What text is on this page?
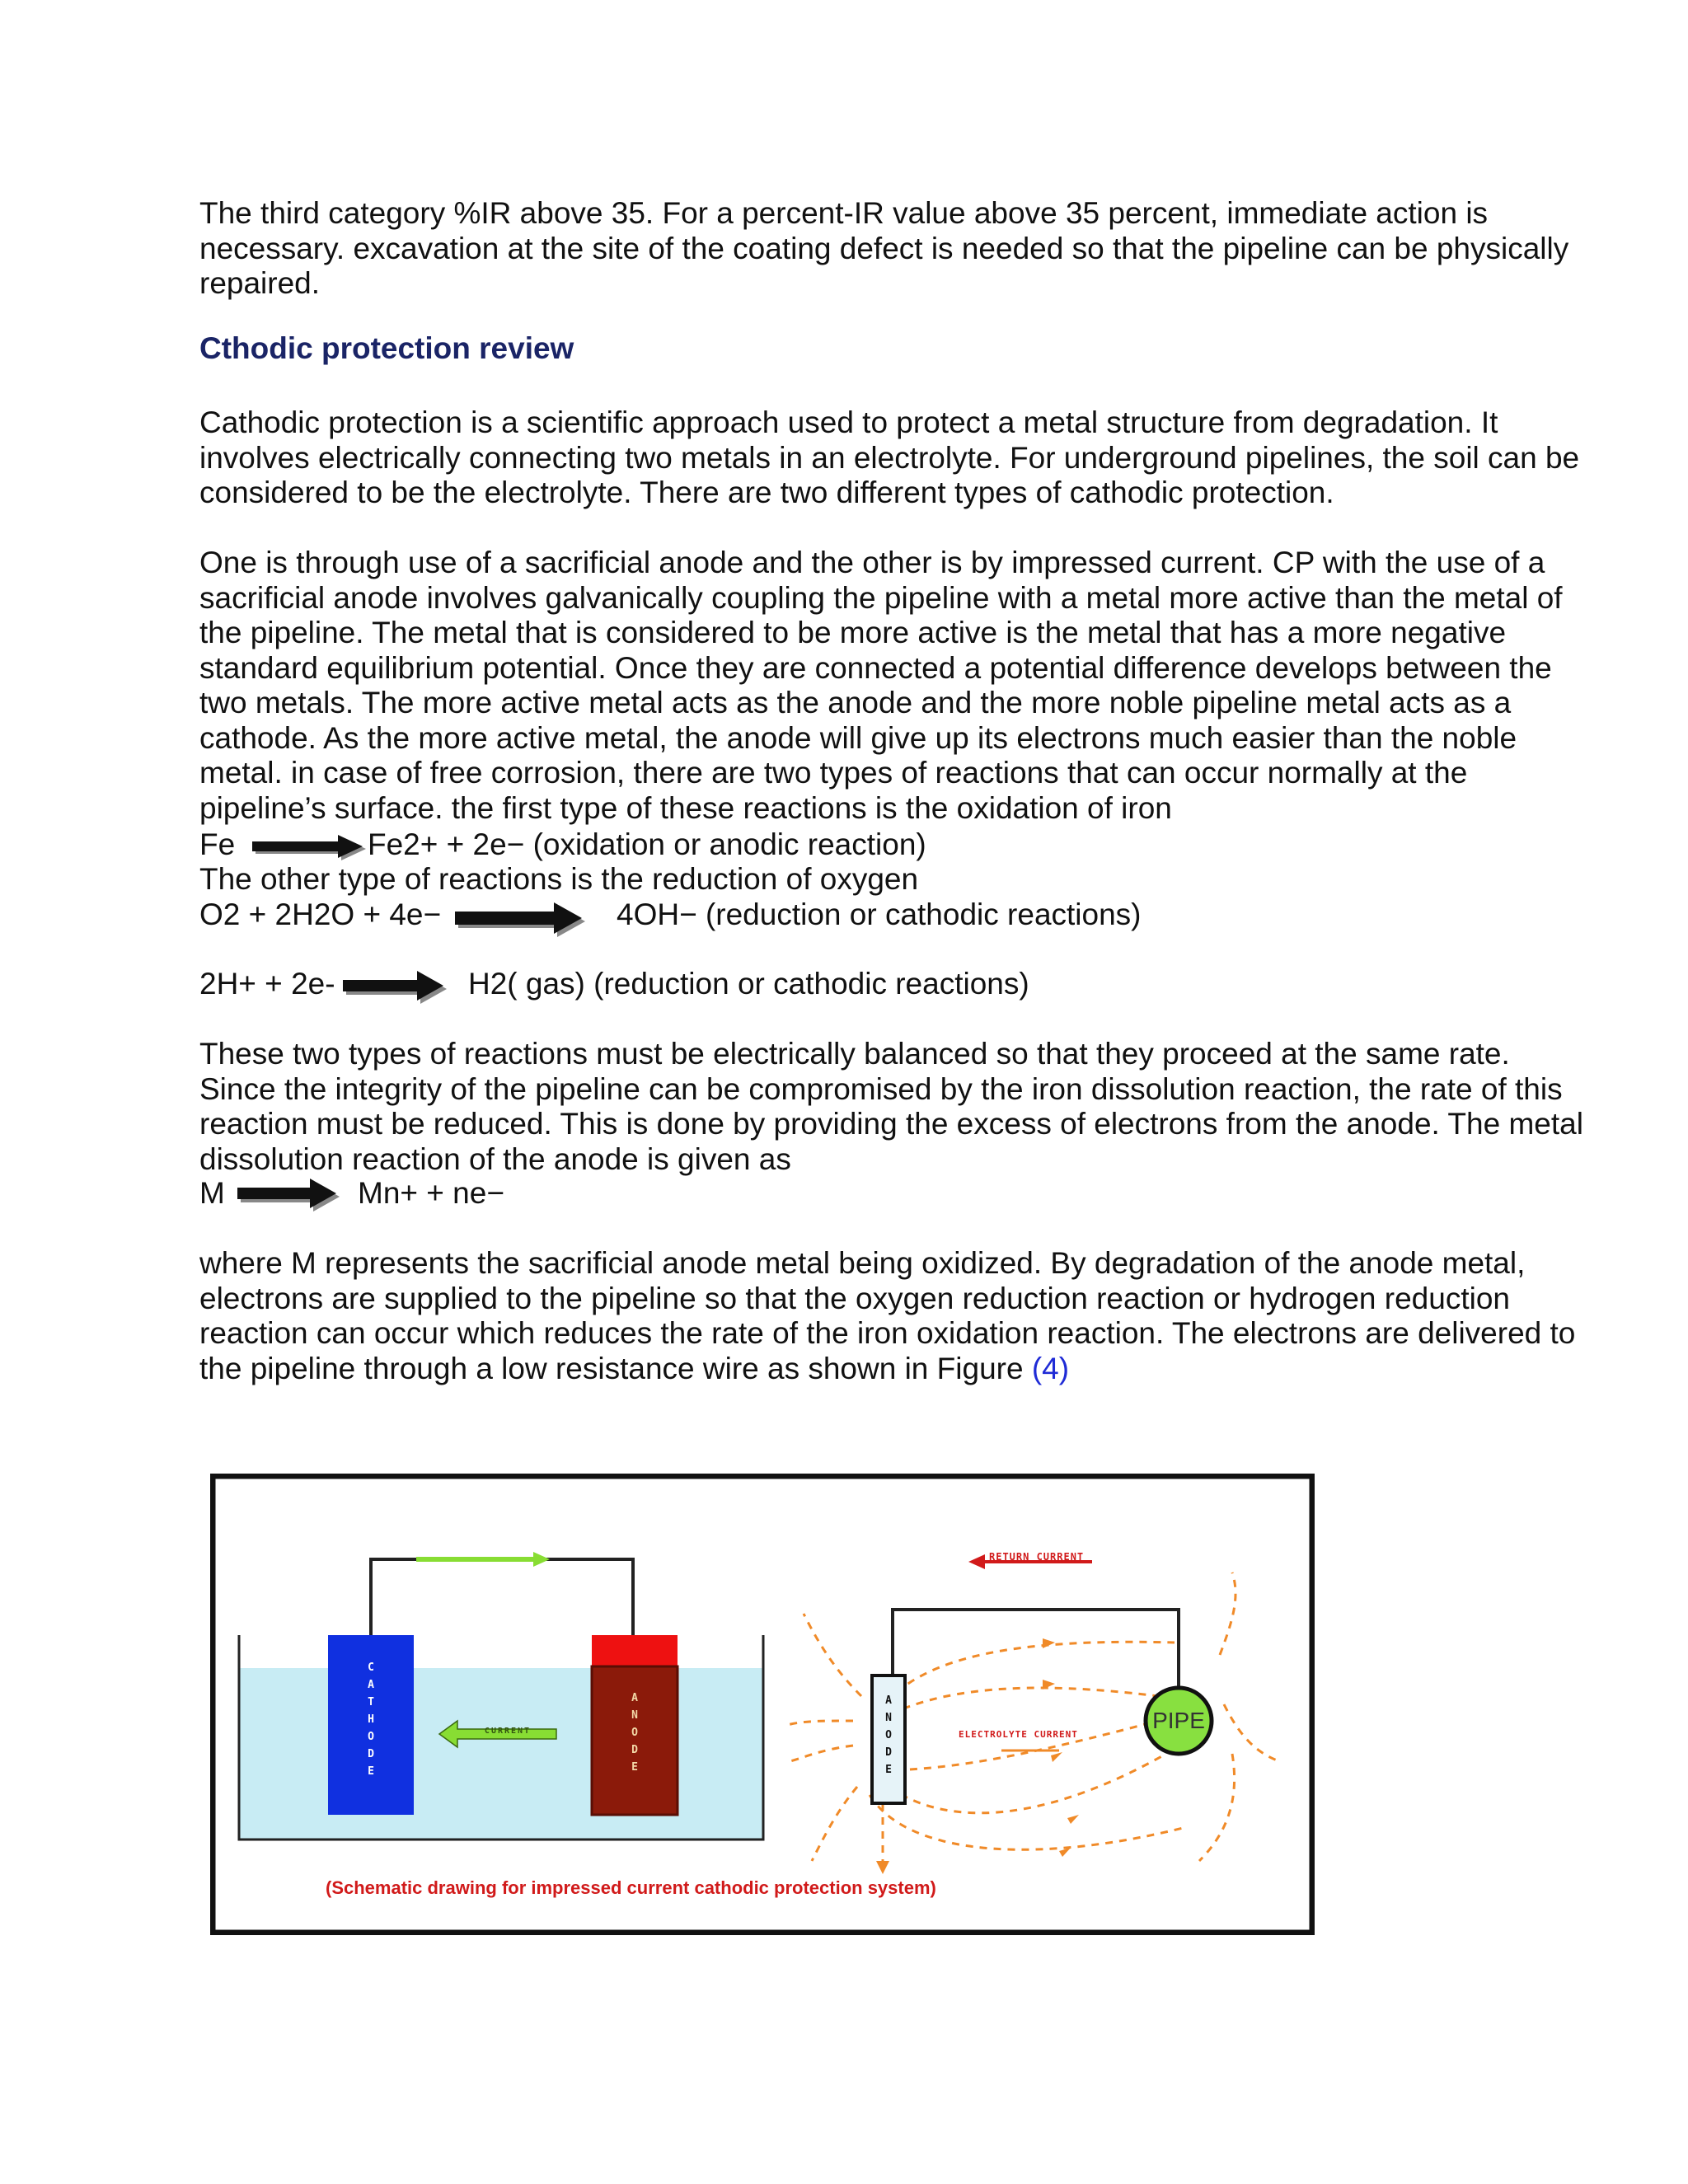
The third category %IR above 35. For a percent-IR value above 35 percent, immediate action is necessary. excavation at the site of the coating defect is needed so that the pipeline can be physically repaired.

Cthodic protection review

Cathodic protection is a scientific approach used to protect a metal structure from degradation. It involves electrically connecting two metals in an electrolyte. For underground pipelines, the soil can be considered to be the electrolyte. There are two different types of cathodic protection.

One is through use of a sacrificial anode and the other is by impressed current. CP with the use of a sacrificial anode involves galvanically coupling the pipeline with a metal more active than the metal of the pipeline. The metal that is considered to be more active is the metal that has a more negative standard equilibrium potential. Once they are connected a potential difference develops between the two metals. The more active metal acts as the anode and the more noble pipeline metal acts as a cathode. As the more active metal, the anode will give up its electrons much easier than the noble metal. in case of free corrosion, there are two types of reactions that can occur normally at the pipeline’s surface. the first type of these reactions is the oxidation of iron

Fe	Fe2+ + 2e− (oxidation or anodic reaction)
The other type of reactions is the reduction of oxygen
O2 + 2H2O + 4e−	4OH− (reduction or cathodic reactions)
2H+ + 2e-	H2( gas) (reduction or cathodic reactions)

These two types of reactions must be electrically balanced so that they proceed at the same rate. Since the integrity of the pipeline can be compromised by the iron dissolution reaction, the rate of this reaction must be reduced. This is done by providing the excess of electrons from the anode. The metal dissolution reaction of the anode is given as

M	Mn+ + ne−

where M represents the sacrificial anode metal being oxidized. By degradation of the anode metal, electrons are supplied to the pipeline so that the oxygen reduction reaction or hydrogen reduction reaction can occur which reduces the rate of the iron oxidation reaction. The electrons are delivered to the pipeline through a low resistance wire as shown in Figure (4)

C
A
T
H
O
D
E
A
N
O
D
E
A
N
O
D
E
CURRENT
RETURN CURRENT
ELECTROLYTE CURRENT
PIPE
(Schematic drawing for impressed current cathodic protection system)
